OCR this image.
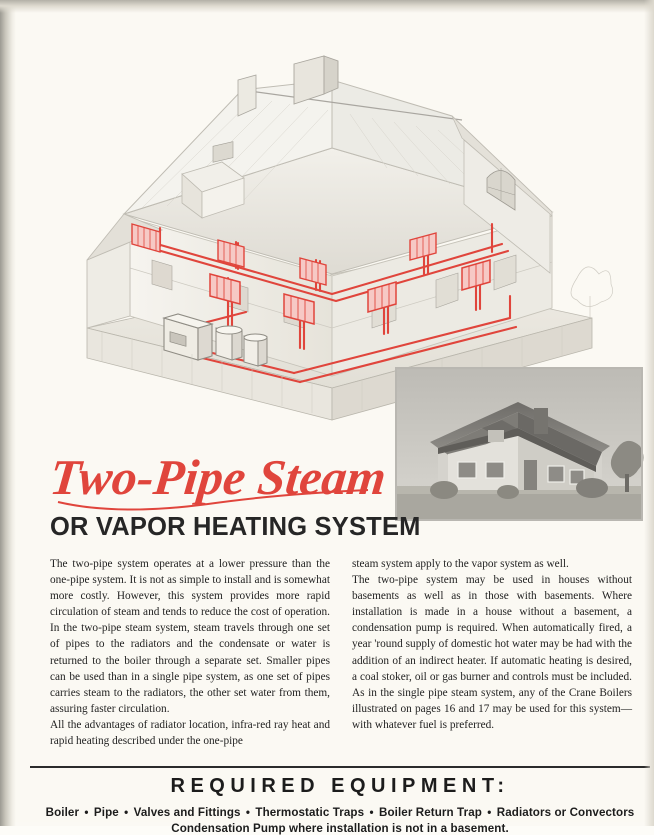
Two-Pipe Steam
OR VAPOR HEATING SYSTEM

The two-pipe system operates at a lower pressure than the one-pipe system. It is not as simple to install and is somewhat more costly. However, this system provides more rapid circulation of steam and tends to reduce the cost of operation. In the two-pipe steam system, steam travels through one set of pipes to the radiators and the condensate or water is returned to the boiler through a separate set. Smaller pipes can be used than in a single pipe system, as one set of pipes carries steam to the radiators, the other set water from them, assuring faster circulation.

All the advantages of radiator location, infra-red ray heat and rapid heating described under the one-pipe

steam system apply to the vapor system as well.

The two-pipe system may be used in houses without basements as well as in those with basements. Where installation is made in a house without a basement, a condensation pump is required. When automatically fired, a year 'round supply of domestic hot water may be had with the addition of an indirect heater. If automatic heating is desired, a coal stoker, oil or gas burner and controls must be included. As in the single pipe steam system, any of the Crane Boilers illustrated on pages 16 and 17 may be used for this system—with whatever fuel is preferred.

REQUIRED EQUIPMENT:
Boiler • Pipe • Valves and Fittings • Thermostatic Traps • Boiler Return Trap • Radiators or Convectors
Condensation Pump where installation is not in a basement.
